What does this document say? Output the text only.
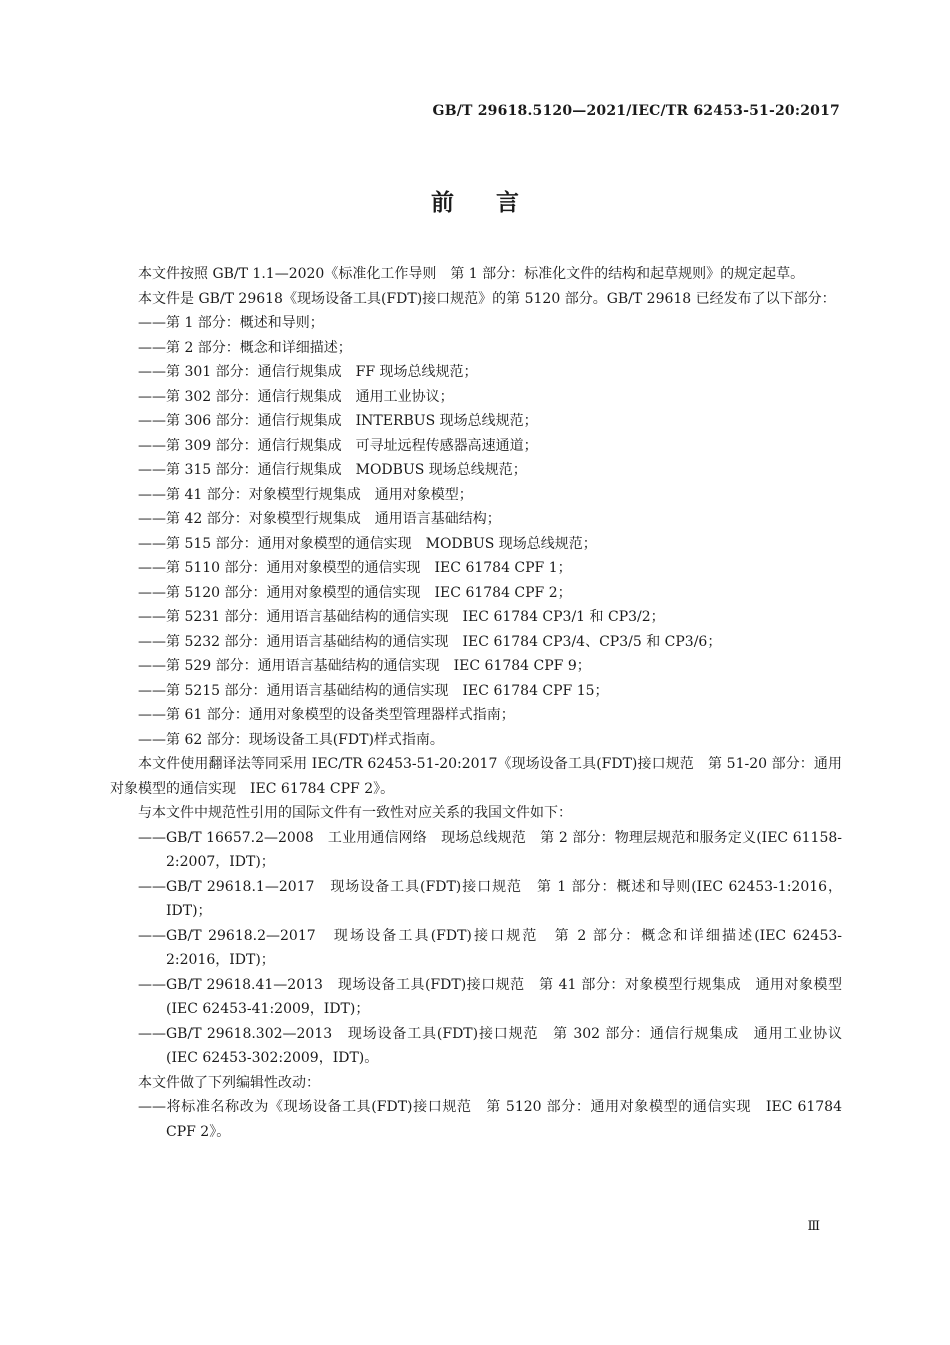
GB/T 29618.5120—2021/IEC/TR 62453-51-20:2017
前言

本文件按照 GB/T 1.1—2020《标准化工作导则　第 1 部分：标准化文件的结构和起草规则》的规定起草。

本文件是 GB/T 29618《现场设备工具(FDT)接口规范》的第 5120 部分。GB/T 29618 已经发布了以下部分：

——第 1 部分：概述和导则；

——第 2 部分：概念和详细描述；

——第 301 部分：通信行规集成　FF 现场总线规范；

——第 302 部分：通信行规集成　通用工业协议；

——第 306 部分：通信行规集成　INTERBUS 现场总线规范；

——第 309 部分：通信行规集成　可寻址远程传感器高速通道；

——第 315 部分：通信行规集成　MODBUS 现场总线规范；

——第 41 部分：对象模型行规集成　通用对象模型；

——第 42 部分：对象模型行规集成　通用语言基础结构；

——第 515 部分：通用对象模型的通信实现　MODBUS 现场总线规范；

——第 5110 部分：通用对象模型的通信实现　IEC 61784 CPF 1；

——第 5120 部分：通用对象模型的通信实现　IEC 61784 CPF 2；

——第 5231 部分：通用语言基础结构的通信实现　IEC 61784 CP3/1 和 CP3/2；

——第 5232 部分：通用语言基础结构的通信实现　IEC 61784 CP3/4、CP3/5 和 CP3/6；

——第 529 部分：通用语言基础结构的通信实现　IEC 61784 CPF 9；

——第 5215 部分：通用语言基础结构的通信实现　IEC 61784 CPF 15；

——第 61 部分：通用对象模型的设备类型管理器样式指南；

——第 62 部分：现场设备工具(FDT)样式指南。

本文件使用翻译法等同采用 IEC/TR 62453-51-20:2017《现场设备工具(FDT)接口规范　第 51-20 部分：通用对象模型的通信实现　IEC 61784 CPF 2》。

与本文件中规范性引用的国际文件有一致性对应关系的我国文件如下：

——GB/T 16657.2—2008　工业用通信网络　现场总线规范　第 2 部分：物理层规范和服务定义(IEC 61158-2:2007，IDT)；

——GB/T 29618.1—2017　现场设备工具(FDT)接口规范　第 1 部分：概述和导则(IEC 62453-1:2016，IDT)；

——GB/T 29618.2—2017　现场设备工具(FDT)接口规范　第 2 部分：概念和详细描述(IEC 62453-2:2016，IDT)；

——GB/T 29618.41—2013　现场设备工具(FDT)接口规范　第 41 部分：对象模型行规集成　通用对象模型(IEC 62453-41:2009，IDT)；

——GB/T 29618.302—2013　现场设备工具(FDT)接口规范　第 302 部分：通信行规集成　通用工业协议(IEC 62453-302:2009，IDT)。

本文件做了下列编辑性改动：

——将标准名称改为《现场设备工具(FDT)接口规范　第 5120 部分：通用对象模型的通信实现　IEC 61784 CPF 2》。

Ⅲ
